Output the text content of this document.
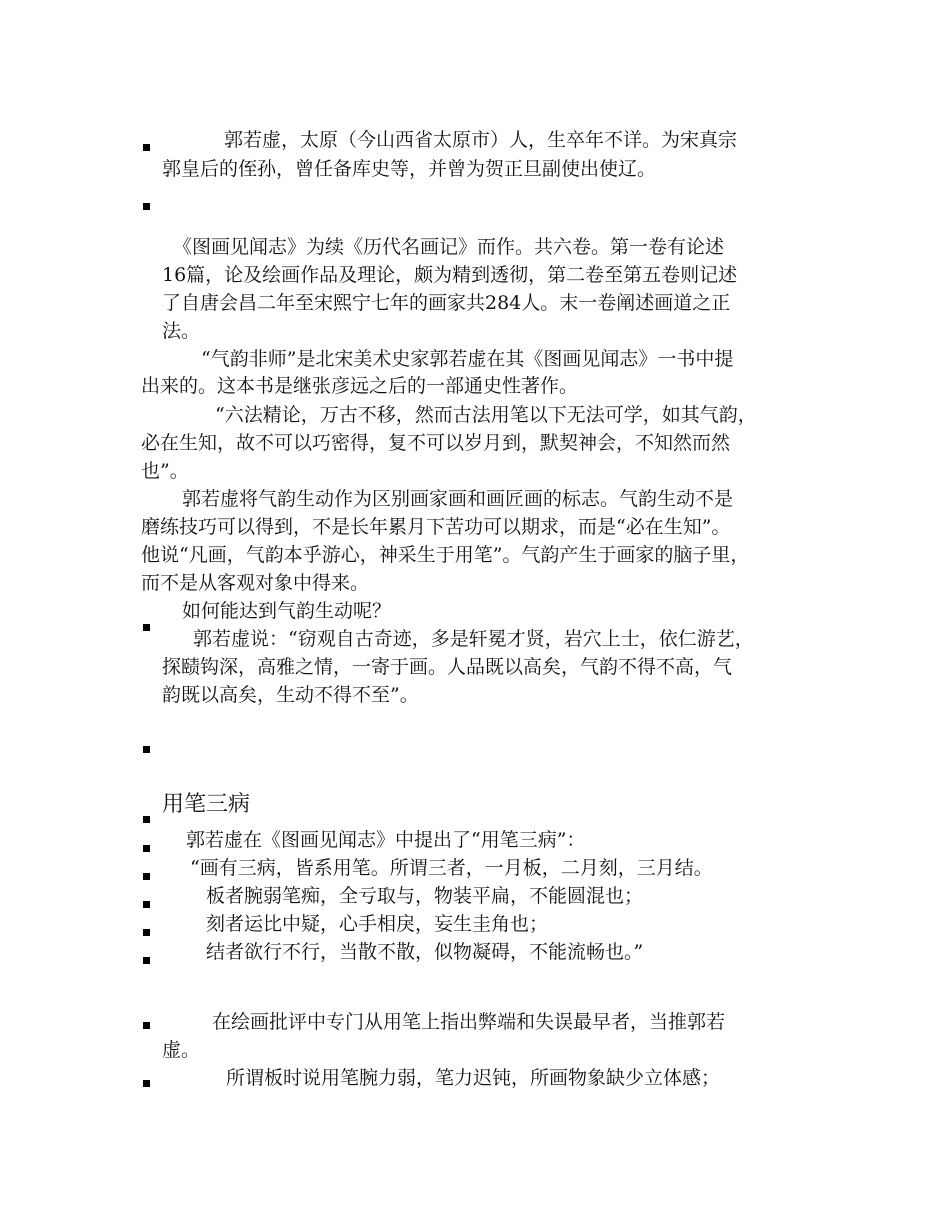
　　郭若虚，太原（今山西省太原市）人，生卒年不详。为宋真宗
郭皇后的侄孙，曾任备库史等，并曾为贺正旦副使出使辽。
《图画见闻志》为续《历代名画记》而作。共六卷。第一卷有论述
16篇，论及绘画作品及理论，颇为精到透彻，第二卷至第五卷则记述
了自唐会昌二年至宋熙宁七年的画家共284人。末一卷阐述画道之正
法。
“气韵非师”是北宋美术史家郭若虚在其《图画见闻志》一书中提
出来的。这本书是继张彦远之后的一部通史性著作。
“六法精论，万古不移，然而古法用笔以下无法可学，如其气韵，
必在生知，故不可以巧密得，复不可以岁月到，默契神会，不知然而然
也”。
郭若虚将气韵生动作为区别画家画和画匠画的标志。气韵生动不是
磨练技巧可以得到，不是长年累月下苦功可以期求，而是“必在生知”。
他说“凡画，气韵本乎游心，神采生于用笔”。气韵产生于画家的脑子里，
而不是从客观对象中得来。
如何能达到气韵生动呢？
郭若虚说：“窃观自古奇迹，多是轩冕才贤，岩穴上士，依仁游艺，
探赜钩深，高雅之情，一寄于画。人品既以高矣，气韵不得不高，气
韵既以高矣，生动不得不至”。
用笔三病
郭若虚在《图画见闻志》中提出了“用笔三病”：
“画有三病，皆系用笔。所谓三者，一月板，二月刻，三月结。
板者腕弱笔痴，全亏取与，物装平扁，不能圆混也；
刻者运比中疑，心手相戾，妄生圭角也；
结者欲行不行，当散不散，似物凝碍，不能流畅也。”
在绘画批评中专门从用笔上指出弊端和失误最早者，当推郭若
虚。
所谓板时说用笔腕力弱，笔力迟钝，所画物象缺少立体感；
